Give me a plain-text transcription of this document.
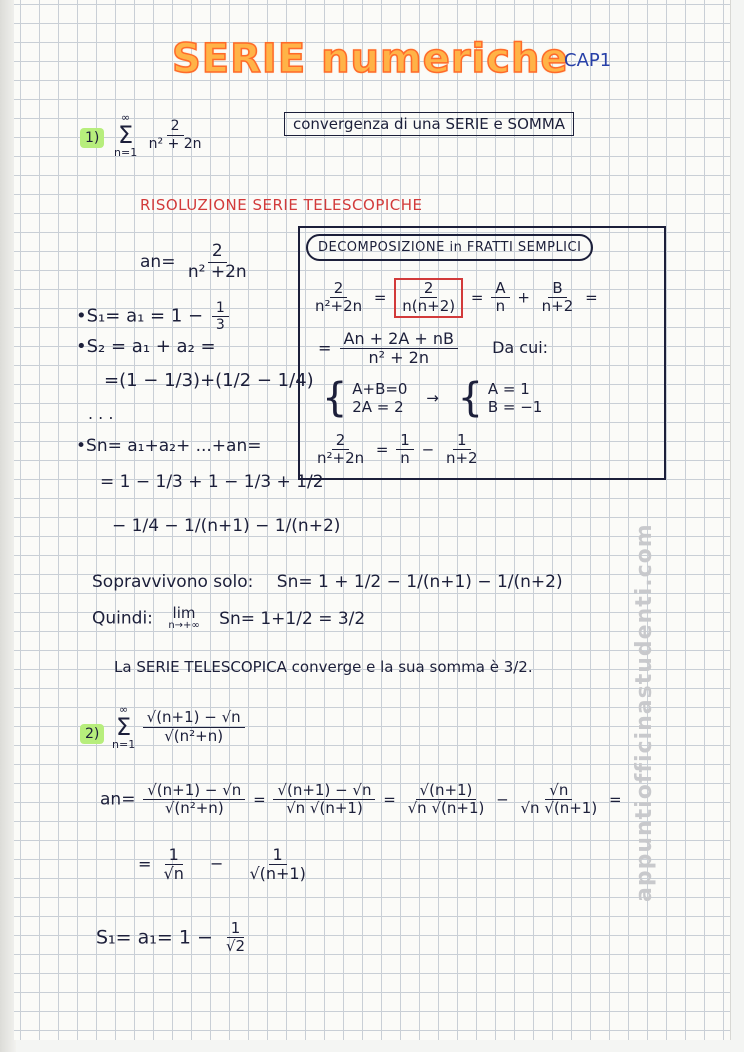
SERIE numeriche
CAP1
1)
∞
Σ
n=1

$\frac{2}{\text{n² + 2n}}$	convergenza di una SERIE e SOMMA
RISOLUZIONE SERIE TELESCOPICHE
$an= \frac{2}{\text{n² +2n}}$
•S₁= $a_1 = 1 - \frac{1}{3}$
•S₂ = a₁ + a₂ =
=(1 − 1/3)+(1/2 − 1/4)
. . .
•Sn= a₁+a₂+ ...+an=
= 1 − 1/3 + 1 − 1/3 + 1/2
− 1/4 − 1/(n+1) − 1/(n+2)
DECOMPOSIZIONE in FRATTI SEMPLICI
$\frac{2}{\text{n²+2n}} = \frac{2}{n(n+2)} = \frac{A}{n} + \frac{B}{n+2}$ =
= $\frac{An + 2A + nB}{\text{n² + 2n}}$ Da cui:
{ A+B=0
2A = 2
→ { A = 1
B = −1
$\frac{2}{\text{n²+2n}} = \frac{1}{n} - \frac{1}{n+2}$
Sopravvivono solo: Sn= 1 + 1/2 − 1/(n+1) − 1/(n+2)
Quindi: lim
n→+∞ Sn= 1+1/2 = 3/2
La SERIE TELESCOPICA converge e la sua somma è 3/2.
2)
∞
Σ
n=1
$\frac{√(n+1) - √n}{\text{√(n²+n)}}$
$an= \frac{√(n+1) - √n}{\text{√(n²+n)}} = \frac{√(n+1) - √n}{√n √(n+1)} = \frac{√(n+1)}{√n √(n+1)} - \frac{√n}{√n √(n+1)}$ =
= $\frac{1}{√n} - \frac{1}{√(n+1)}$
$S_1= a_1= 1 - \frac{1}{√2}$
appuntiofficinastudenti.com
